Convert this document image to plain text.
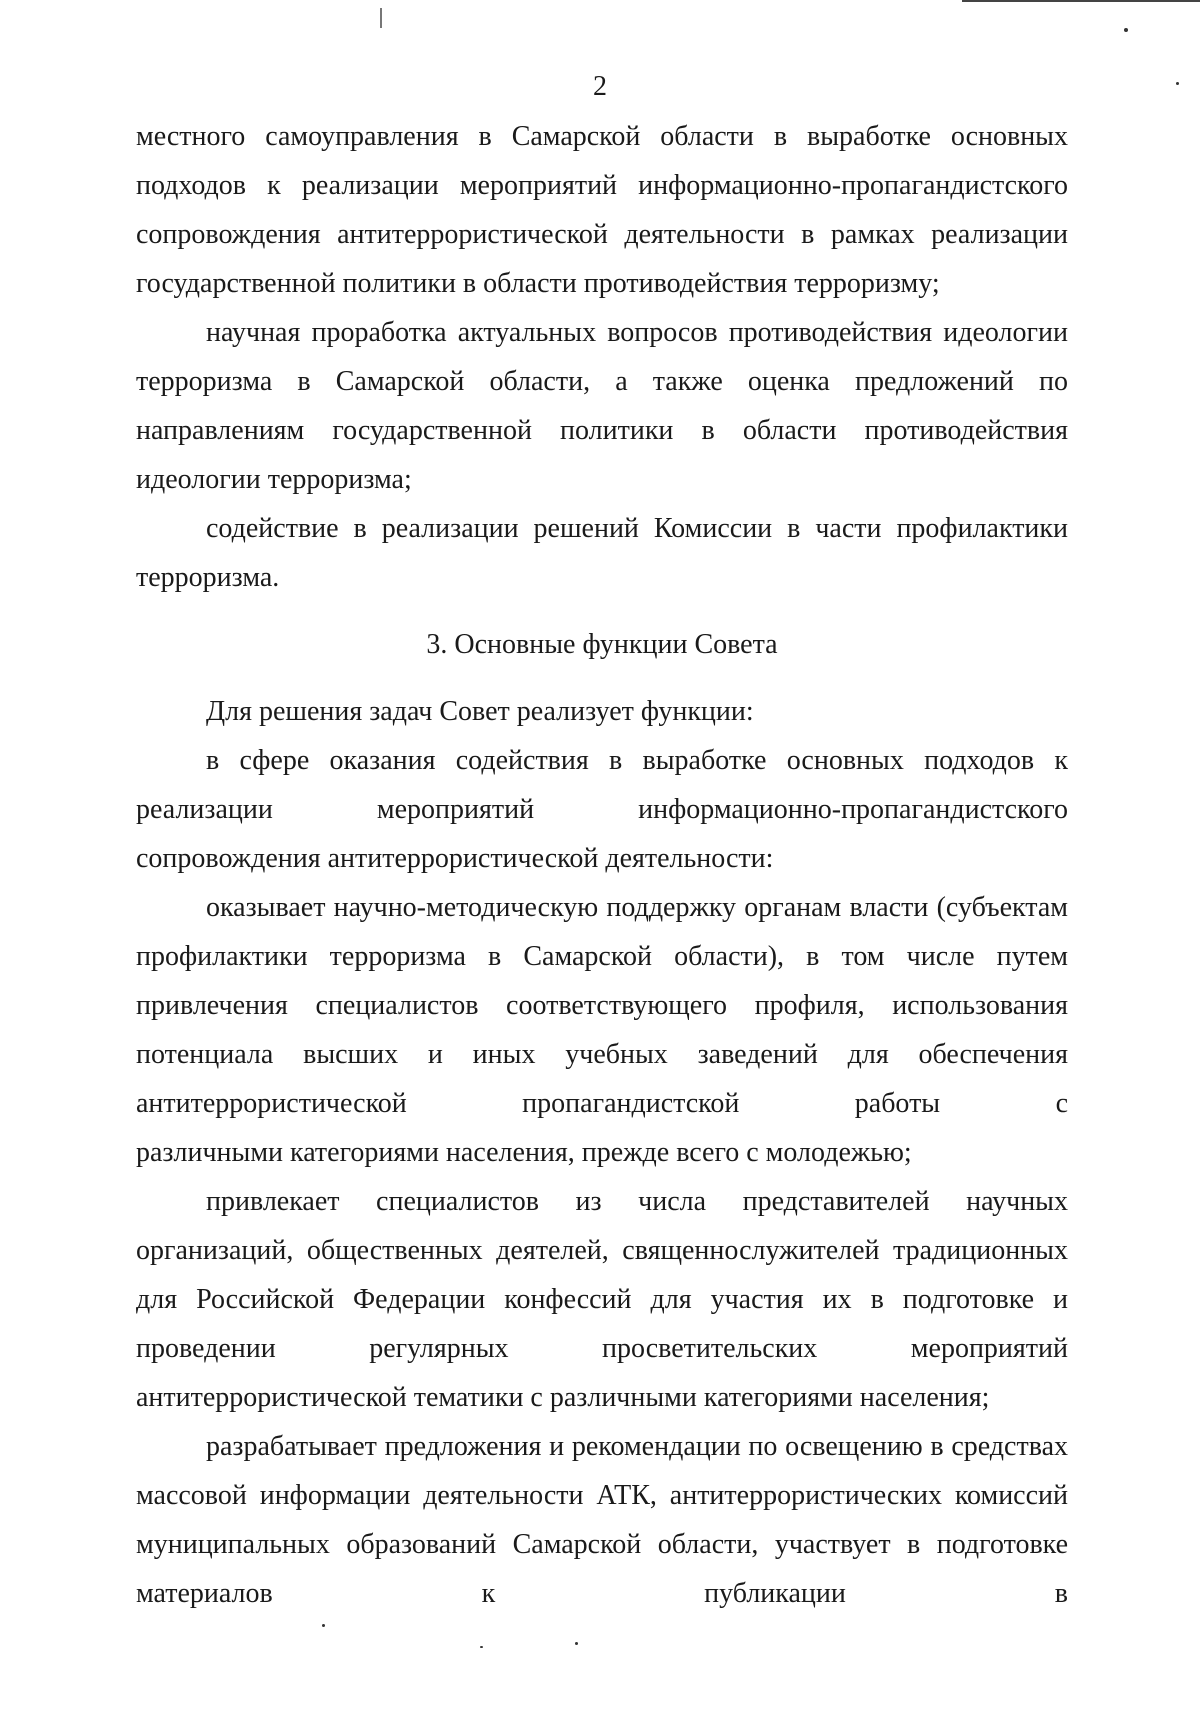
2

местного самоуправления в Самарской области в выработке основных подходов к реализации мероприятий информационно-пропагандистского сопровождения антитеррористической деятельности в рамках реализации

государственной политики в области противодействия терроризму;

научная проработка актуальных вопросов противодействия идеологии терроризма в Самарской области, а также оценка предложений по направлениям государственной политики в области противодействия

идеологии терроризма;

содействие в реализации решений Комиссии в части профилактики

терроризма.

3. Основные функции Совета

Для решения задач Совет реализует функции:

в сфере оказания содействия в выработке основных подходов к реализации мероприятий информационно-пропагандистского

сопровождения антитеррористической деятельности:

оказывает научно-методическую поддержку органам власти (субъектам профилактики терроризма в Самарской области), в том числе путем привлечения специалистов соответствующего профиля, использования потенциала высших и иных учебных заведений для обеспечения антитеррористической пропагандистской работы с

различными категориями населения, прежде всего с молодежью;

привлекает специалистов из числа представителей научных организаций, общественных деятелей, священнослужителей традиционных для Российской Федерации конфессий для участия их в подготовке и проведении регулярных просветительских мероприятий

антитеррористической тематики с различными категориями населения;

разрабатывает предложения и рекомендации по освещению в средствах массовой информации деятельности АТК, антитеррористических комиссий муниципальных образований Самарской области, участвует в подготовке материалов к публикации в
